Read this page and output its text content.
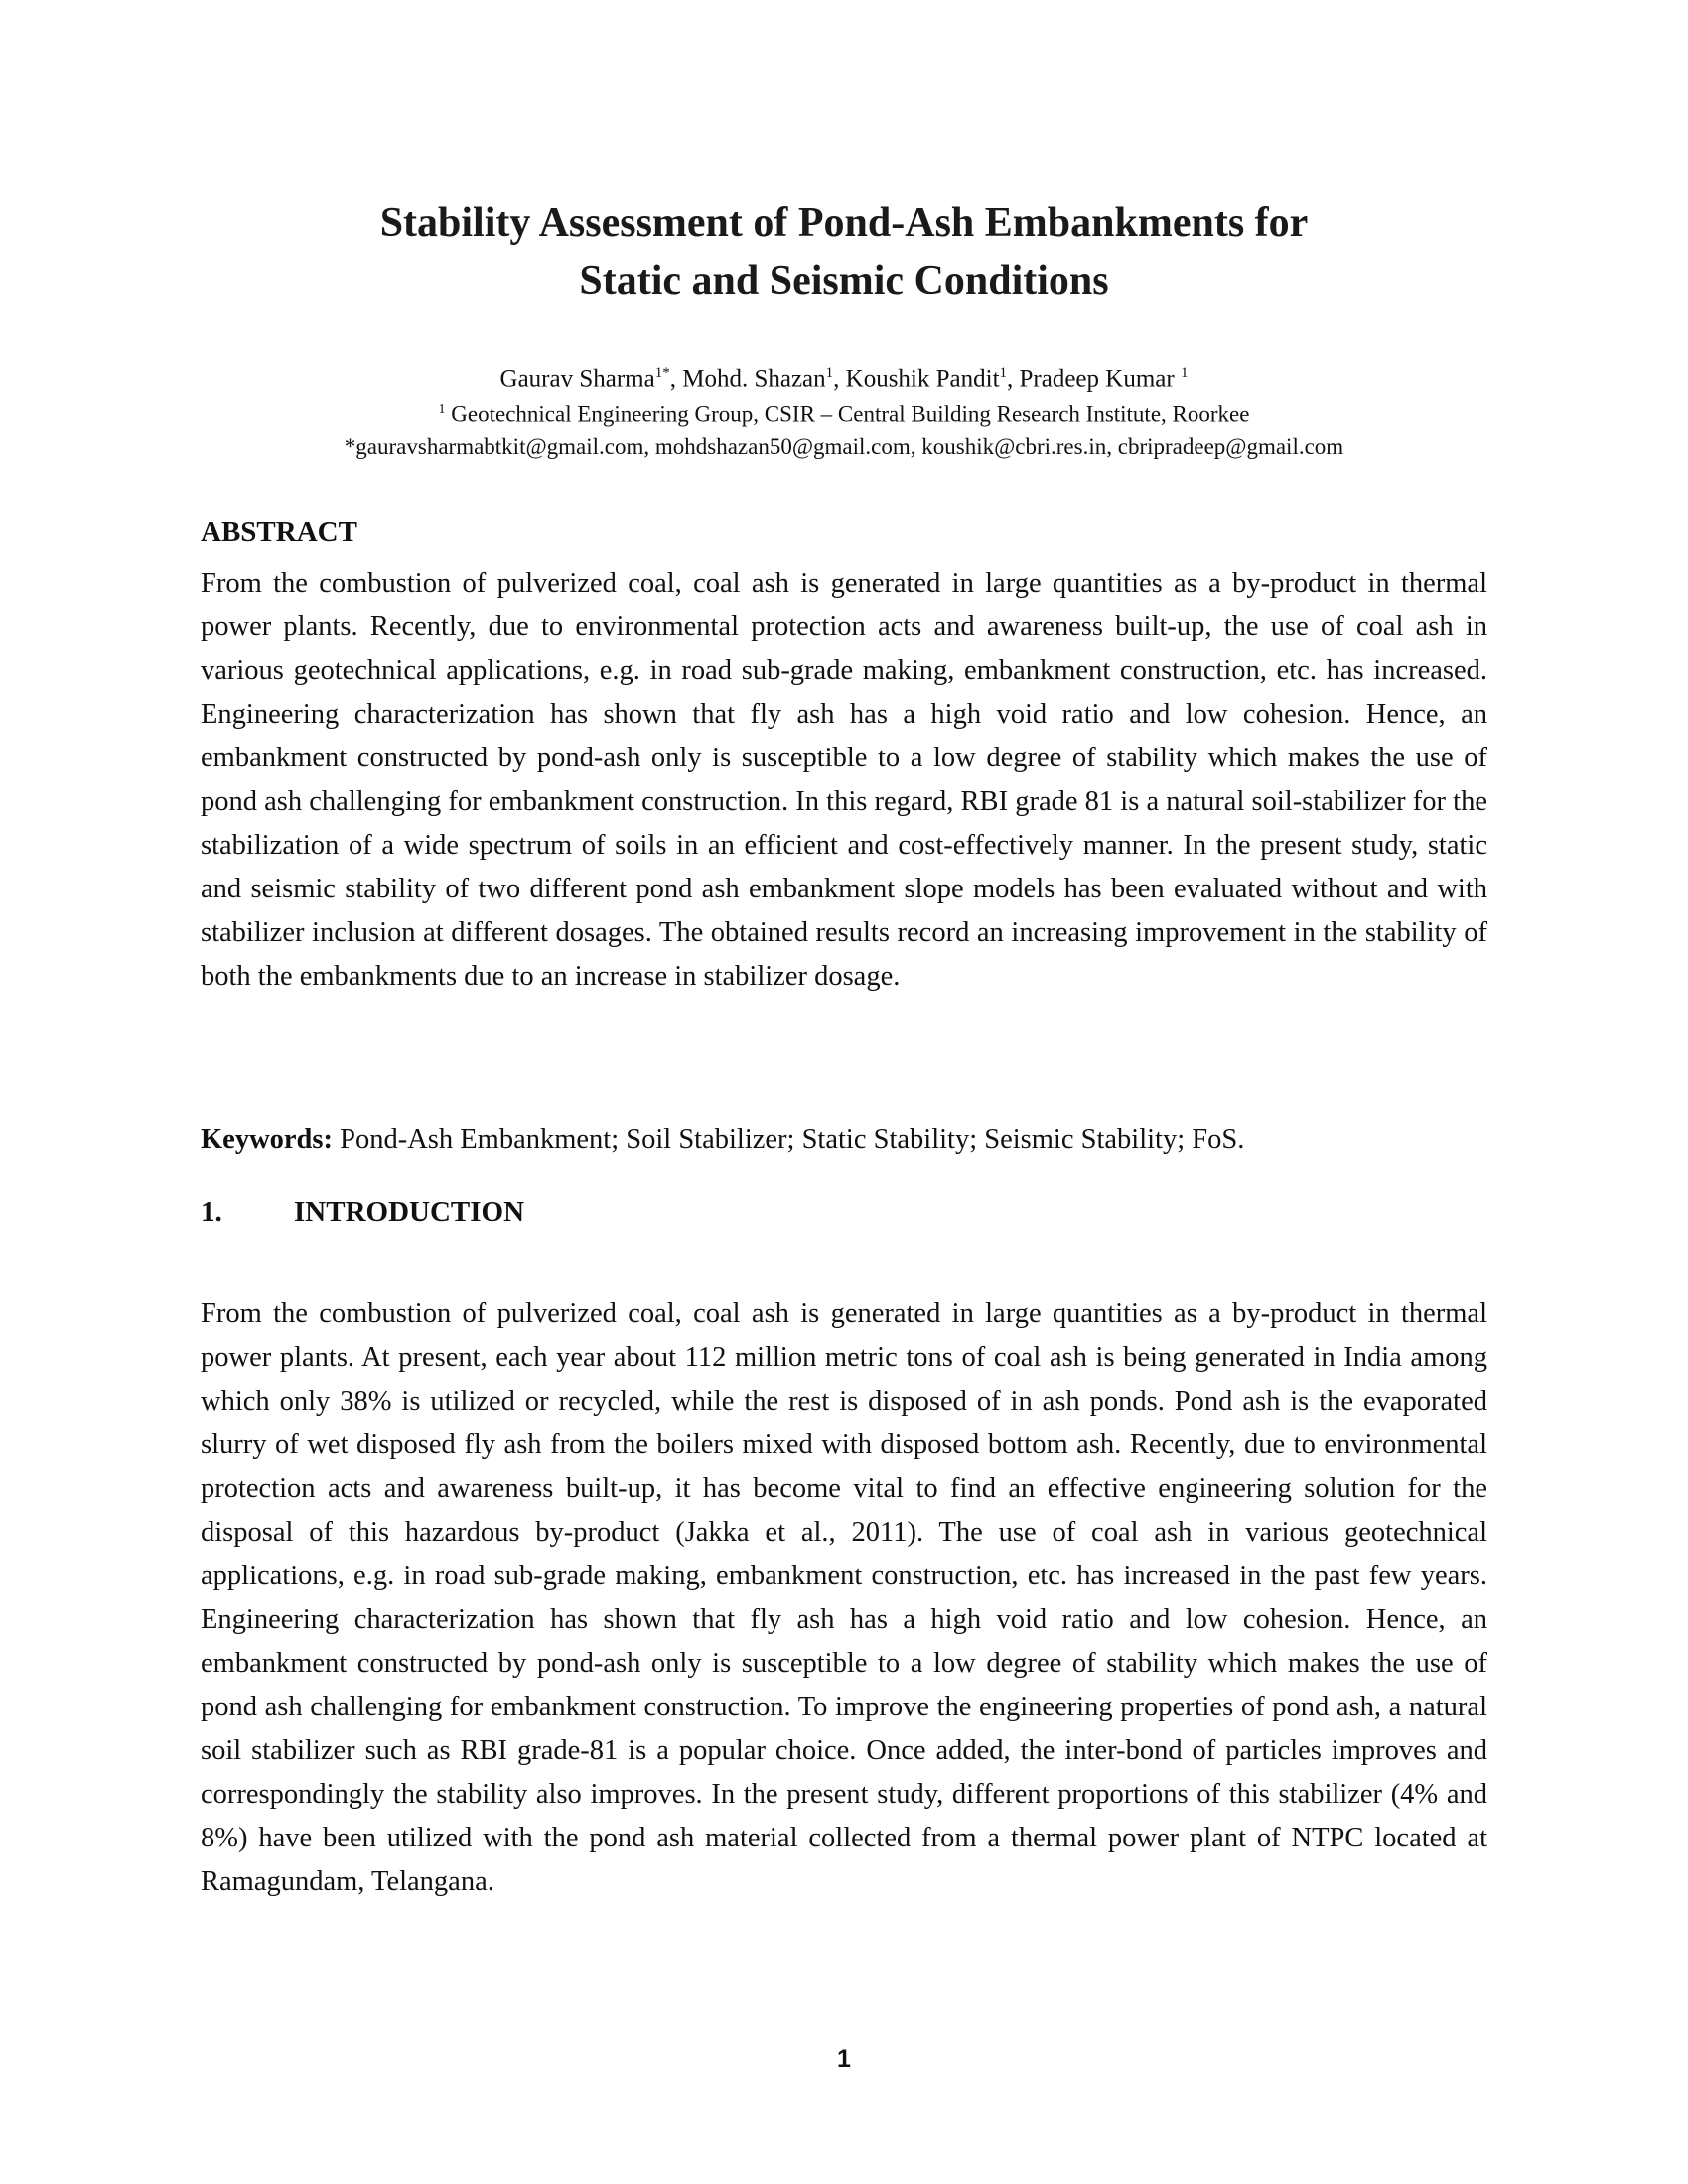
Stability Assessment of Pond-Ash Embankments for
Static and Seismic Conditions
Gaurav Sharma$^{1*}$, Mohd. Shazan$^1$, Koushik Pandit$^1$, Pradeep Kumar $^1$
$^1$ Geotechnical Engineering Group, CSIR – Central Building Research Institute, Roorkee
*gauravsharmabtkit@gmail.com, mohdshazan50@gmail.com, koushik@cbri.res.in, cbripradeep@gmail.com
ABSTRACT

From the combustion of pulverized coal, coal ash is generated in large quantities as a by-product in thermal power plants. Recently, due to environmental protection acts and awareness built-up, the use of coal ash in various geotechnical applications, e.g. in road sub-grade making, embankment construction, etc. has increased. Engineering characterization has shown that fly ash has a high void ratio and low cohesion. Hence, an embankment constructed by pond-ash only is susceptible to a low degree of stability which makes the use of pond ash challenging for embankment construction. In this regard, RBI grade 81 is a natural soil-stabilizer for the stabilization of a wide spectrum of soils in an efficient and cost-effectively manner. In the present study, static and seismic stability of two different pond ash embankment slope models has been evaluated without and with stabilizer inclusion at different dosages. The obtained results record an increasing improvement in the stability of both the embankments due to an increase in stabilizer dosage.

Keywords: Pond-Ash Embankment; Soil Stabilizer; Static Stability; Seismic Stability; FoS.
1. INTRODUCTION

From the combustion of pulverized coal, coal ash is generated in large quantities as a by-product in thermal power plants. At present, each year about 112 million metric tons of coal ash is being generated in India among which only 38% is utilized or recycled, while the rest is disposed of in ash ponds. Pond ash is the evaporated slurry of wet disposed fly ash from the boilers mixed with disposed bottom ash. Recently, due to environmental protection acts and awareness built-up, it has become vital to find an effective engineering solution for the disposal of this hazardous by-product (Jakka et al., 2011). The use of coal ash in various geotechnical applications, e.g. in road sub-grade making, embankment construction, etc. has increased in the past few years. Engineering characterization has shown that fly ash has a high void ratio and low cohesion. Hence, an embankment constructed by pond-ash only is susceptible to a low degree of stability which makes the use of pond ash challenging for embankment construction. To improve the engineering properties of pond ash, a natural soil stabilizer such as RBI grade-81 is a popular choice. Once added, the inter-bond of particles improves and correspondingly the stability also improves. In the present study, different proportions of this stabilizer (4% and 8%) have been utilized with the pond ash material collected from a thermal power plant of NTPC located at Ramagundam, Telangana.

1
